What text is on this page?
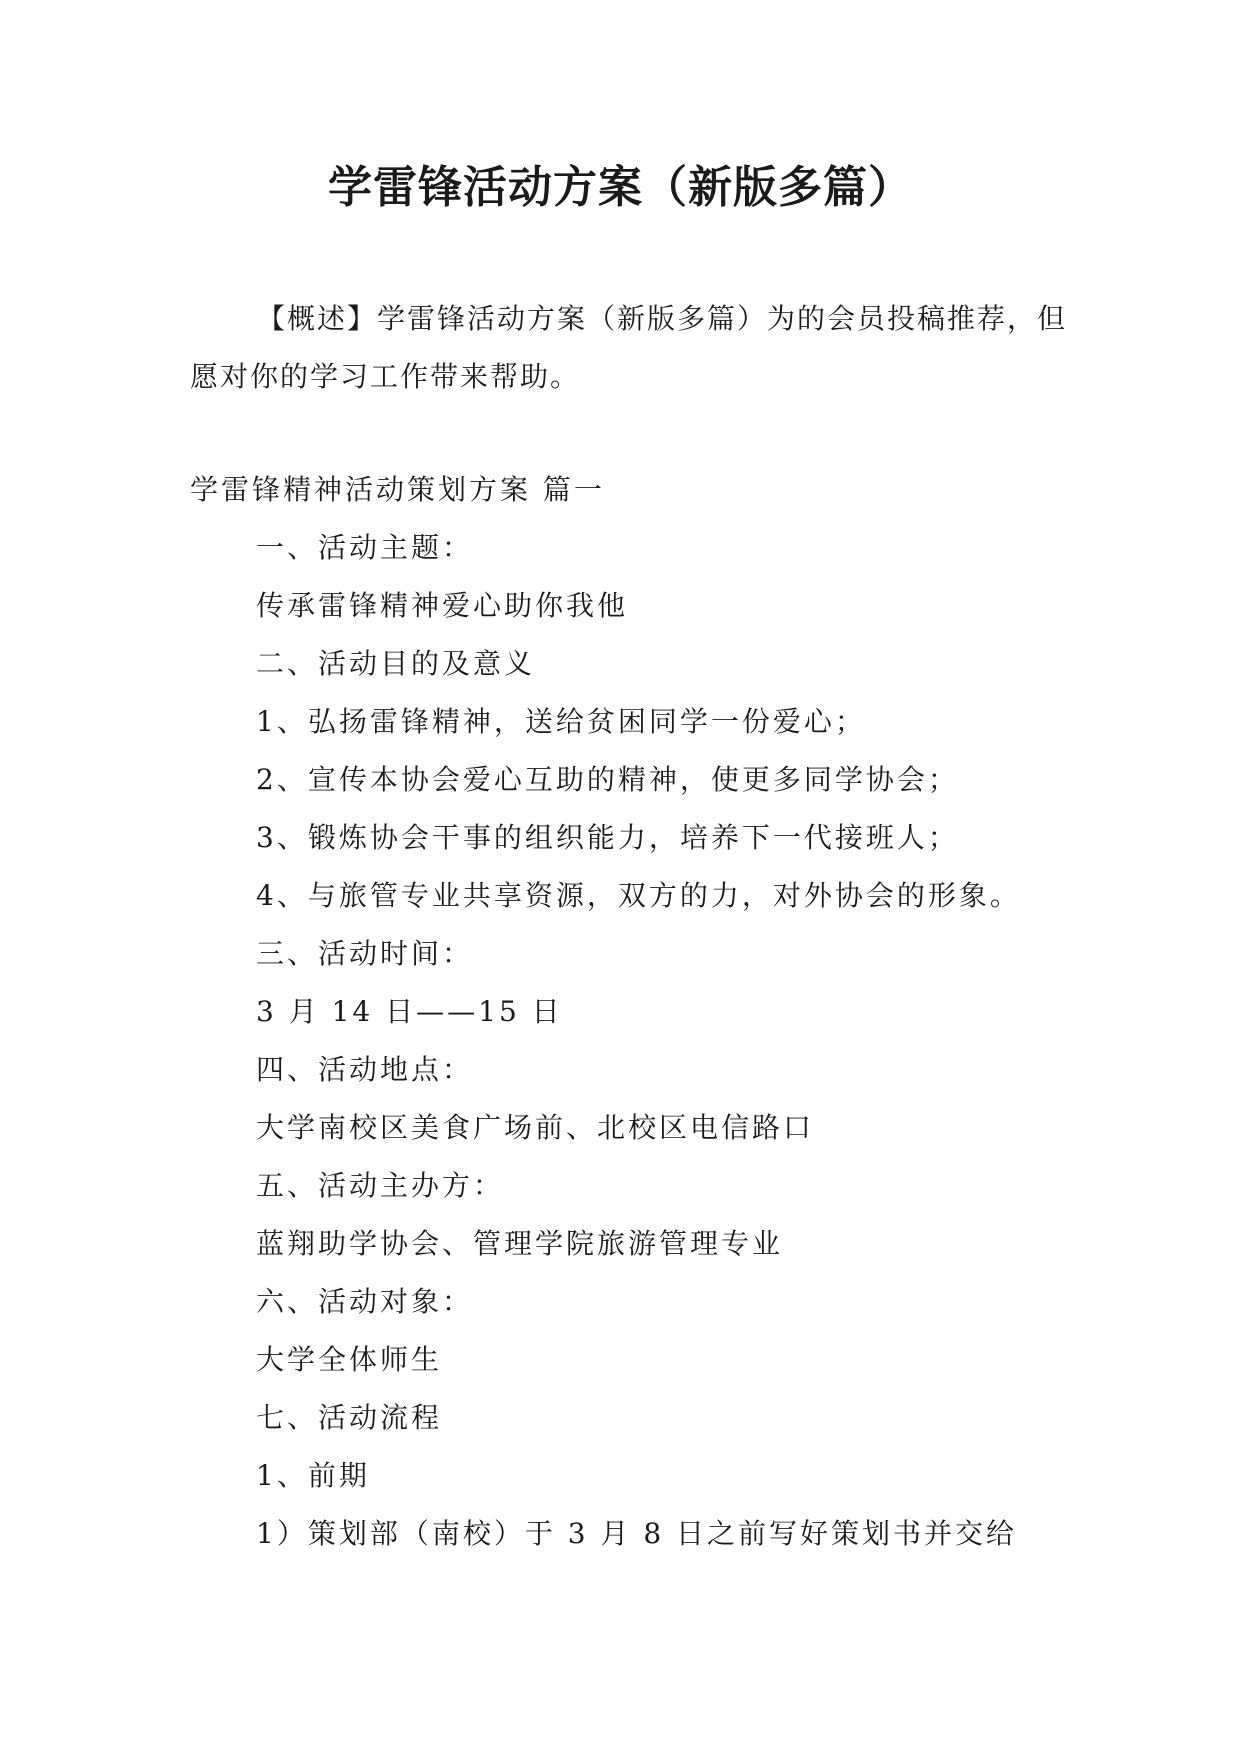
学雷锋活动方案（新版多篇）
【概述】学雷锋活动方案（新版多篇）为的会员投稿推荐，但愿对你的学习工作带来帮助。
学雷锋精神活动策划方案 篇一
一、活动主题：
传承雷锋精神爱心助你我他
二、活动目的及意义
1、弘扬雷锋精神，送给贫困同学一份爱心；
2、宣传本协会爱心互助的精神，使更多同学协会；
3、锻炼协会干事的组织能力，培养下一代接班人；
4、与旅管专业共享资源，双方的力，对外协会的形象。
三、活动时间：
3 月 14 日——15 日
四、活动地点：
大学南校区美食广场前、北校区电信路口
五、活动主办方：
蓝翔助学协会、管理学院旅游管理专业
六、活动对象：
大学全体师生
七、活动流程
1、前期
1）策划部（南校）于 3 月 8 日之前写好策划书并交给
